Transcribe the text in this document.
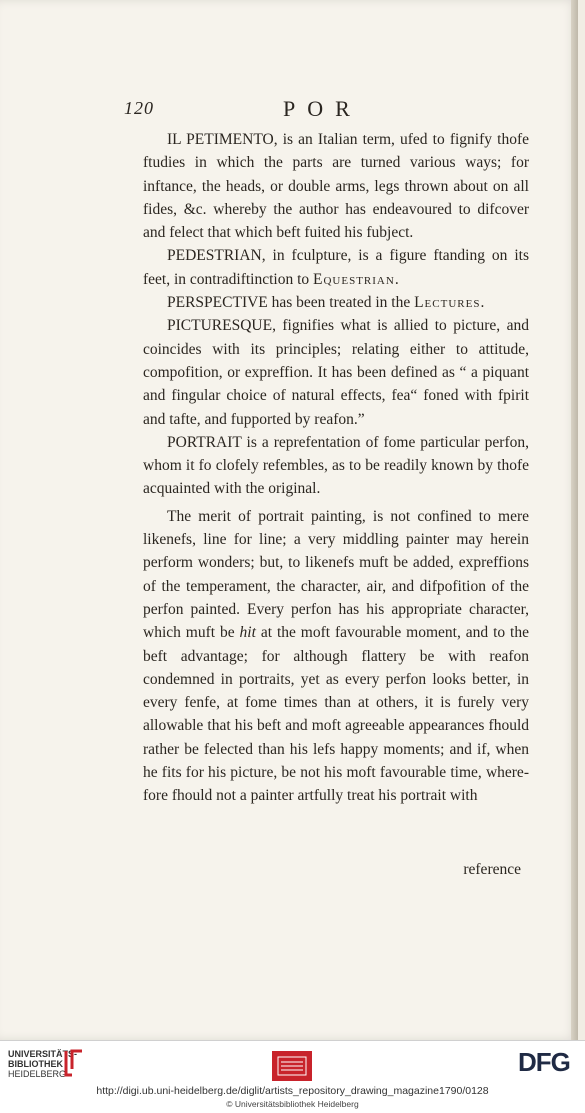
120	POR

IL PETIMENTO, is an Italian term, ufed to fignify thofe ftudies in which the parts are turned various ways; for inftance, the heads, or double arms, legs thrown about on all fides, &c. whereby the author has endeavoured to difcover and felect that which beft fuited his fubject.

PEDESTRIAN, in fculpture, is a figure ftanding on its feet, in contradiftinction to Equestrian.

PERSPECTIVE has been treated in the Lectures.

PICTURESQUE, fignifies what is allied to picture, and coincides with its principles; relating either to attitude, compofition, or expreffion. It has been defined as “ a piquant and fingular choice of natural effects, fea“ foned with fpirit and tafte, and fupported by reafon.”

PORTRAIT is a reprefentation of fome particular perfon, whom it fo clofely refembles, as to be readily known by thofe acquainted with the original.

The merit of portrait painting, is not confined to mere likenefs, line for line; a very middling painter may herein perform wonders; but, to likenefs muft be added, expreffions of the temperament, the character, air, and difpofition of the perfon painted. Every perfon has his appropriate character, which muft be hit at the moft favourable moment, and to the beft advantage; for although flattery be with reafon condemned in portraits, yet as every perfon looks better, in every fenfe, at fome times than at others, it is furely very allowable that his beft and moft agreeable appearances fhould rather be felected than his lefs happy moments; and if, when he fits for his picture, be not his moft favourable time, wherefore fhould not a painter artfully treat his portrait with

reference
UNIVERSITÄTS-
BIBLIOTHEK
HEIDELBERG	DFG
http://digi.ub.uni-heidelberg.de/diglit/artists_repository_drawing_magazine1790/0128
© Universitätsbibliothek Heidelberg
